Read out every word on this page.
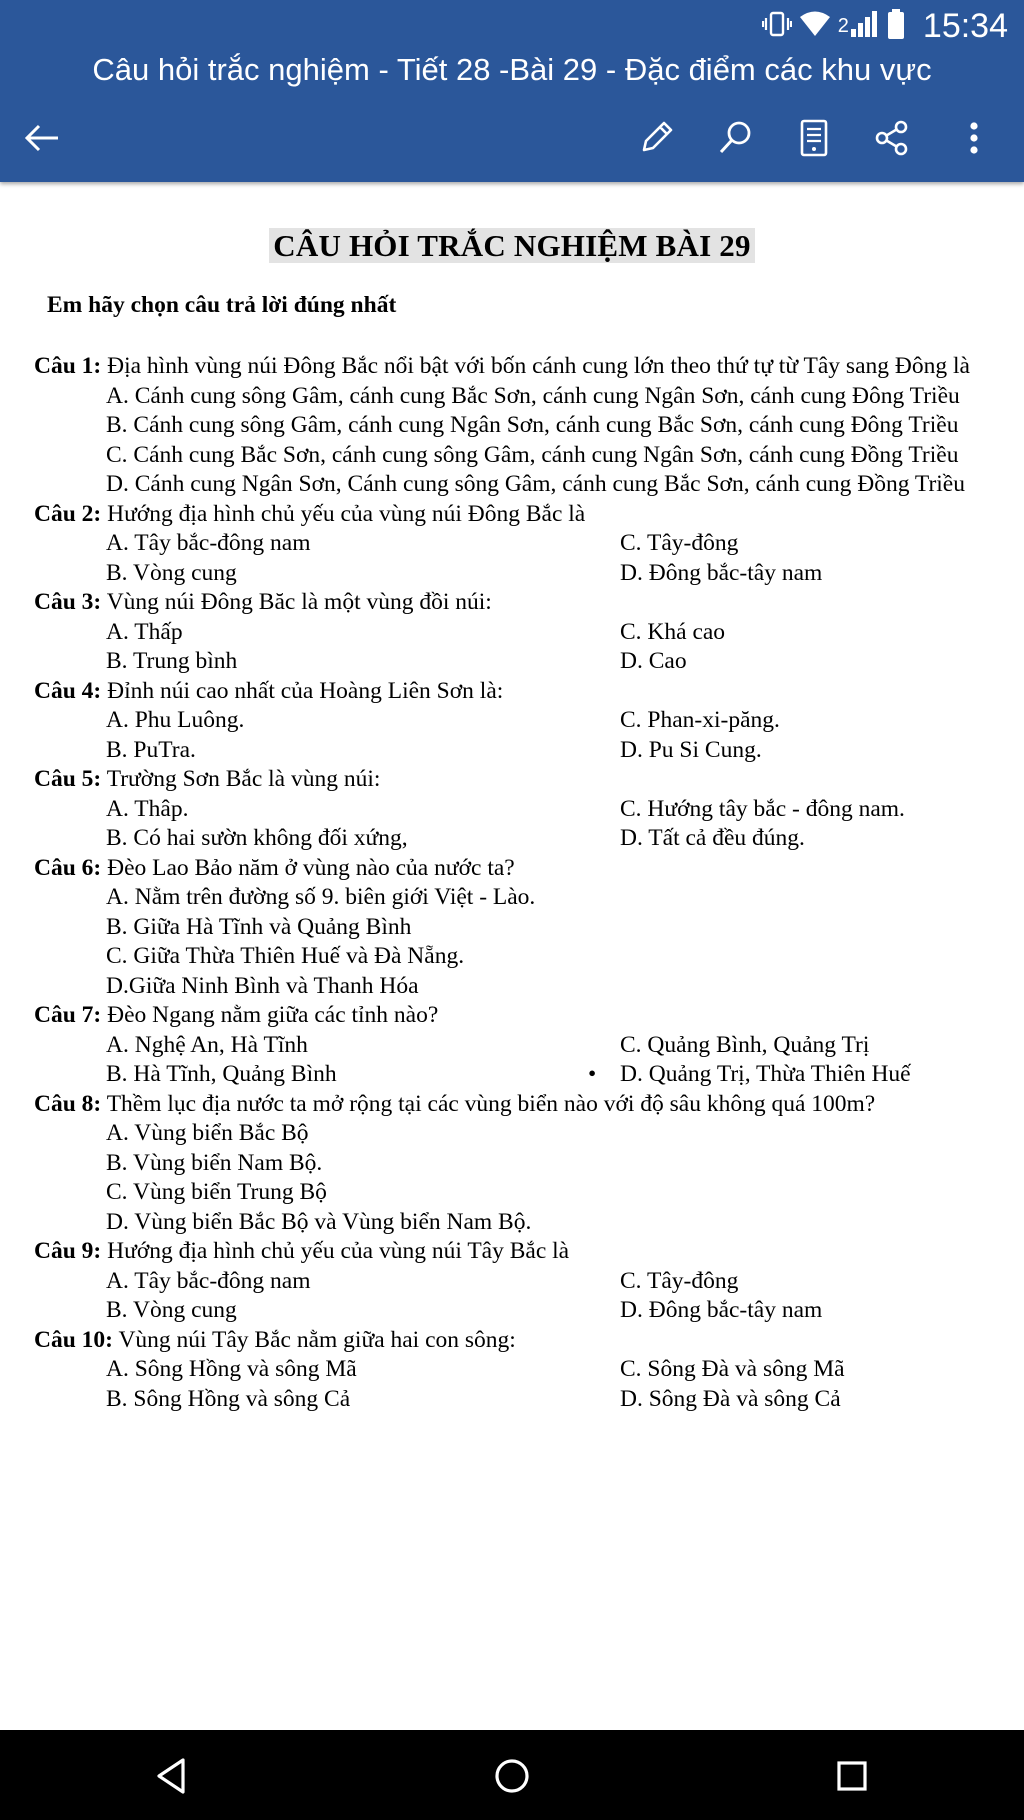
2 15:34
Câu hỏi trắc nghiệm - Tiết 28 -Bài 29 - Đặc điểm các khu vực
CÂU HỎI TRẮC NGHIỆM BÀI 29
Em hãy chọn câu trả lời đúng nhất
Câu 1: Địa hình vùng núi Đông Bắc nổi bật với bốn cánh cung lớn theo thứ tự từ Tây sang Đông là
A. Cánh cung sông Gâm, cánh cung Bắc Sơn, cánh cung Ngân Sơn, cánh cung Đông Triều
B. Cánh cung sông Gâm, cánh cung Ngân Sơn, cánh cung Bắc Sơn, cánh cung Đông Triều
C. Cánh cung Bắc Sơn, cánh cung sông Gâm, cánh cung Ngân Sơn, cánh cung Đồng Triều
D. Cánh cung Ngân Sơn, Cánh cung sông Gâm, cánh cung Bắc Sơn, cánh cung Đồng Triều
Câu 2: Hướng địa hình chủ yếu của vùng núi Đông Bắc là
A. Tây bắc-đông nam	C. Tây-đông
B. Vòng cung	D. Đông bắc-tây nam
Câu 3: Vùng núi Đông Băc là một vùng đồi núi:
A. Thấp	C. Khá cao
B. Trung bình	D. Cao
Câu 4: Đỉnh núi cao nhất của Hoàng Liên Sơn là:
A. Phu Luông.	C. Phan-xi-păng.
B. PuTra.	D. Pu Si Cung.
Câu 5: Trường Sơn Bắc là vùng núi:
A. Thâp.	C. Hướng tây bắc - đông nam.
B. Có hai sườn không đối xứng,	D. Tất cả đều đúng.
Câu 6: Đèo Lao Bảo năm ở vùng nào của nước ta?
A. Nằm trên đường số 9. biên giới Việt - Lào.
B. Giữa Hà Tĩnh và Quảng Bình
C. Giữa Thừa Thiên Huế và Đà Nẵng.
D.Giữa Ninh Bình và Thanh Hóa
Câu 7: Đèo Ngang nằm giữa các tỉnh nào?
A. Nghệ An, Hà Tĩnh	C. Quảng Bình, Quảng Trị
B. Hà Tĩnh, Quảng Bình	• D. Quảng Trị, Thừa Thiên Huế
Câu 8: Thềm lục địa nước ta mở rộng tại các vùng biển nào với độ sâu không quá 100m?
A. Vùng biển Bắc Bộ
B. Vùng biển Nam Bộ.
C. Vùng biển Trung Bộ
D. Vùng biển Bắc Bộ và Vùng biển Nam Bộ.
Câu 9: Hướng địa hình chủ yếu của vùng núi Tây Bắc là
A. Tây bắc-đông nam	C. Tây-đông
B. Vòng cung	D. Đông bắc-tây nam
Câu 10: Vùng núi Tây Bắc nằm giữa hai con sông:
A. Sông Hồng và sông Mã	C. Sông Đà và sông Mã
B. Sông Hồng và sông Cả	D. Sông Đà và sông Cả
